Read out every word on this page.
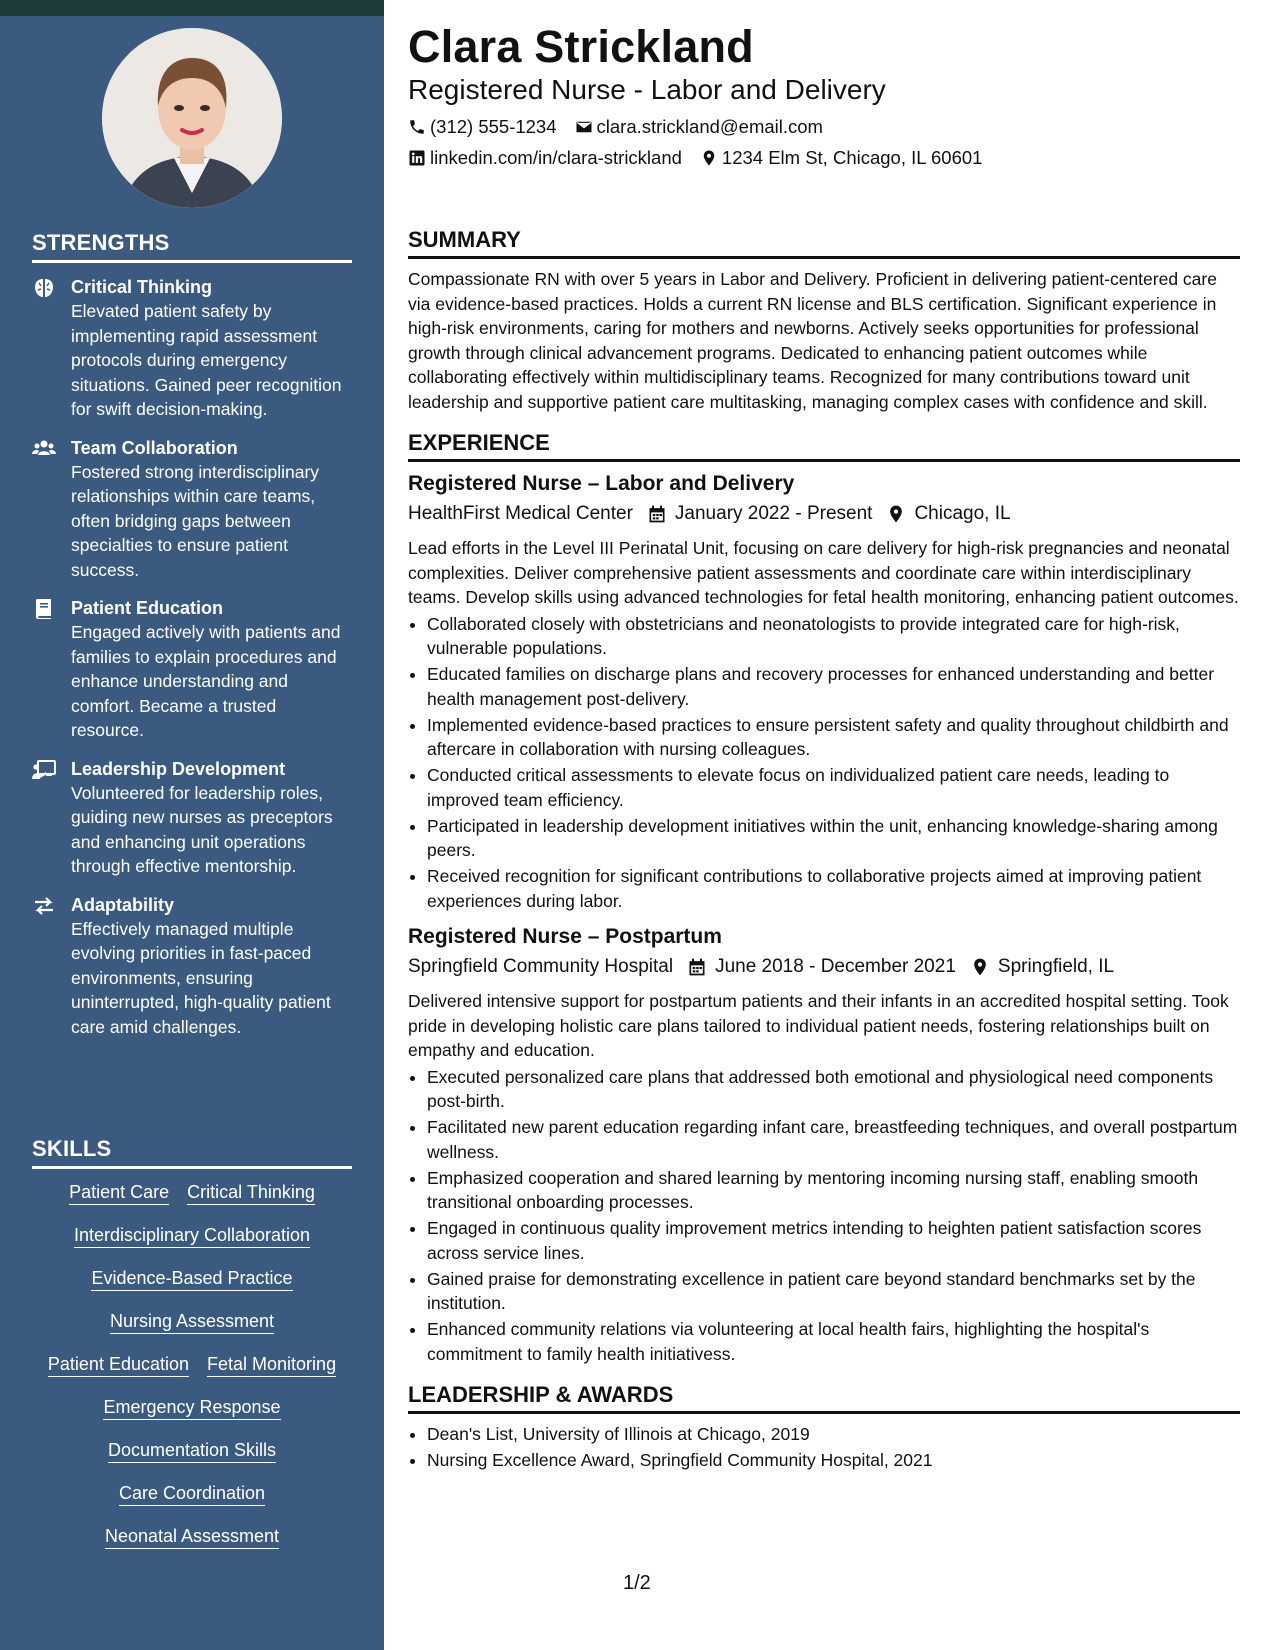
STRENGTHS
Critical Thinking
Elevated patient safety by implementing rapid assessment protocols during emergency situations. Gained peer recognition for swift decision-making.
Team Collaboration
Fostered strong interdisciplinary relationships within care teams, often bridging gaps between specialties to ensure patient success.
Patient Education
Engaged actively with patients and families to explain procedures and enhance understanding and comfort. Became a trusted resource.
Leadership Development
Volunteered for leadership roles, guiding new nurses as preceptors and enhancing unit operations through effective mentorship.
Adaptability
Effectively managed multiple evolving priorities in fast-paced environments, ensuring uninterrupted, high-quality patient care amid challenges.
SKILLS
Patient Care Critical Thinking
Interdisciplinary Collaboration
Evidence-Based Practice
Nursing Assessment
Patient Education Fetal Monitoring
Emergency Response
Documentation Skills
Care Coordination
Neonatal Assessment
Clara Strickland
Registered Nurse - Labor and Delivery
(312) 555-1234 clara.strickland@email.com
linkedin.com/in/clara-strickland 1234 Elm St, Chicago, IL 60601
SUMMARY
Compassionate RN with over 5 years in Labor and Delivery. Proficient in delivering patient-centered care via evidence-based practices. Holds a current RN license and BLS certification. Significant experience in high-risk environments, caring for mothers and newborns. Actively seeks opportunities for professional growth through clinical advancement programs. Dedicated to enhancing patient outcomes while collaborating effectively within multidisciplinary teams. Recognized for many contributions toward unit leadership and supportive patient care multitasking, managing complex cases with confidence and skill.
EXPERIENCE
Registered Nurse – Labor and Delivery
HealthFirst Medical Center January 2022 - Present Chicago, IL
Lead efforts in the Level III Perinatal Unit, focusing on care delivery for high-risk pregnancies and neonatal complexities. Deliver comprehensive patient assessments and coordinate care within interdisciplinary teams. Develop skills using advanced technologies for fetal health monitoring, enhancing patient outcomes.
• Collaborated closely with obstetricians and neonatologists to provide integrated care for high-risk, vulnerable populations.
• Educated families on discharge plans and recovery processes for enhanced understanding and better health management post-delivery.
• Implemented evidence-based practices to ensure persistent safety and quality throughout childbirth and aftercare in collaboration with nursing colleagues.
• Conducted critical assessments to elevate focus on individualized patient care needs, leading to improved team efficiency.
• Participated in leadership development initiatives within the unit, enhancing knowledge-sharing among peers.
• Received recognition for significant contributions to collaborative projects aimed at improving patient experiences during labor.
Registered Nurse – Postpartum
Springfield Community Hospital June 2018 - December 2021 Springfield, IL
Delivered intensive support for postpartum patients and their infants in an accredited hospital setting. Took pride in developing holistic care plans tailored to individual patient needs, fostering relationships built on empathy and education.
• Executed personalized care plans that addressed both emotional and physiological need components post-birth.
• Facilitated new parent education regarding infant care, breastfeeding techniques, and overall postpartum wellness.
• Emphasized cooperation and shared learning by mentoring incoming nursing staff, enabling smooth transitional onboarding processes.
• Engaged in continuous quality improvement metrics intending to heighten patient satisfaction scores across service lines.
• Gained praise for demonstrating excellence in patient care beyond standard benchmarks set by the institution.
• Enhanced community relations via volunteering at local health fairs, highlighting the hospital's commitment to family health initiativess.
LEADERSHIP & AWARDS
• Dean's List, University of Illinois at Chicago, 2019
• Nursing Excellence Award, Springfield Community Hospital, 2021
1/2
